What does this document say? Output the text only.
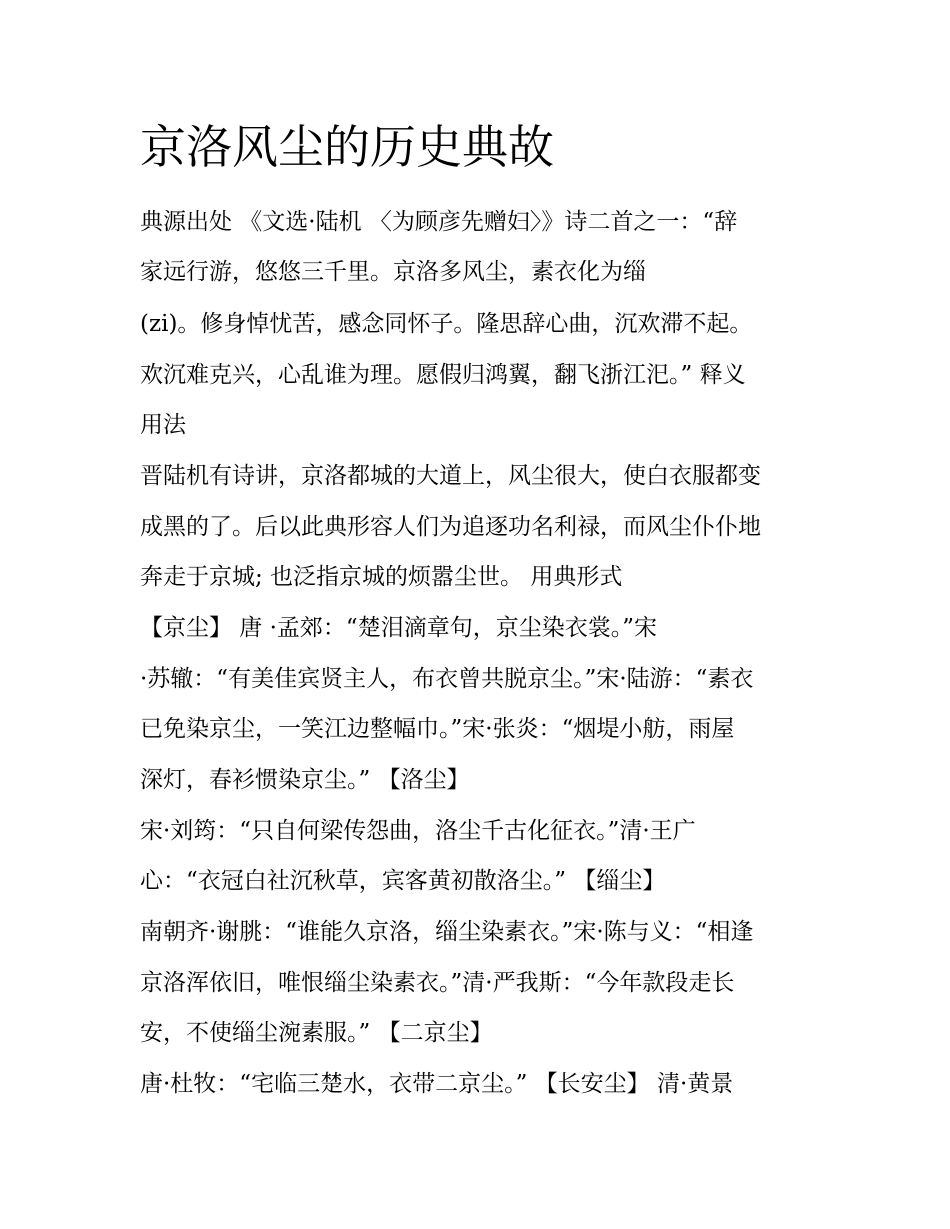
京洛风尘的历史典故
典源出处 《文选·陆机 〈为顾彦先赠妇〉》诗二首之一：“辞
家远行游，悠悠三千里。京洛多风尘，素衣化为缁
(zi)。修身悼忧苦，感念同怀子。隆思辞心曲，沉欢滞不起。
欢沉难克兴，心乱谁为理。愿假归鸿翼，翻飞浙江汜。” 释义
用法
晋陆机有诗讲，京洛都城的大道上，风尘很大，使白衣服都变
成黑的了。后以此典形容人们为追逐功名利禄，而风尘仆仆地
奔走于京城; 也泛指京城的烦嚣尘世。 用典形式
【京尘】 唐 ·孟郊：“楚泪滴章句，京尘染衣裳。”宋
·苏辙：“有美佳宾贤主人，布衣曾共脱京尘。”宋·陆游：“素衣
已免染京尘，一笑江边整幅巾。”宋·张炎：“烟堤小舫，雨屋
深灯，春衫惯染京尘。” 【洛尘】
宋·刘筠：“只自何梁传怨曲，洛尘千古化征衣。”清·王广
心：“衣冠白社沉秋草，宾客黄初散洛尘。” 【缁尘】
南朝齐·谢朓：“谁能久京洛，缁尘染素衣。”宋·陈与义：“相逢
京洛浑依旧，唯恨缁尘染素衣。”清·严我斯：“今年款段走长
安，不使缁尘涴素服。” 【二京尘】
唐·杜牧：“宅临三楚水，衣带二京尘。” 【长安尘】 清·黄景
